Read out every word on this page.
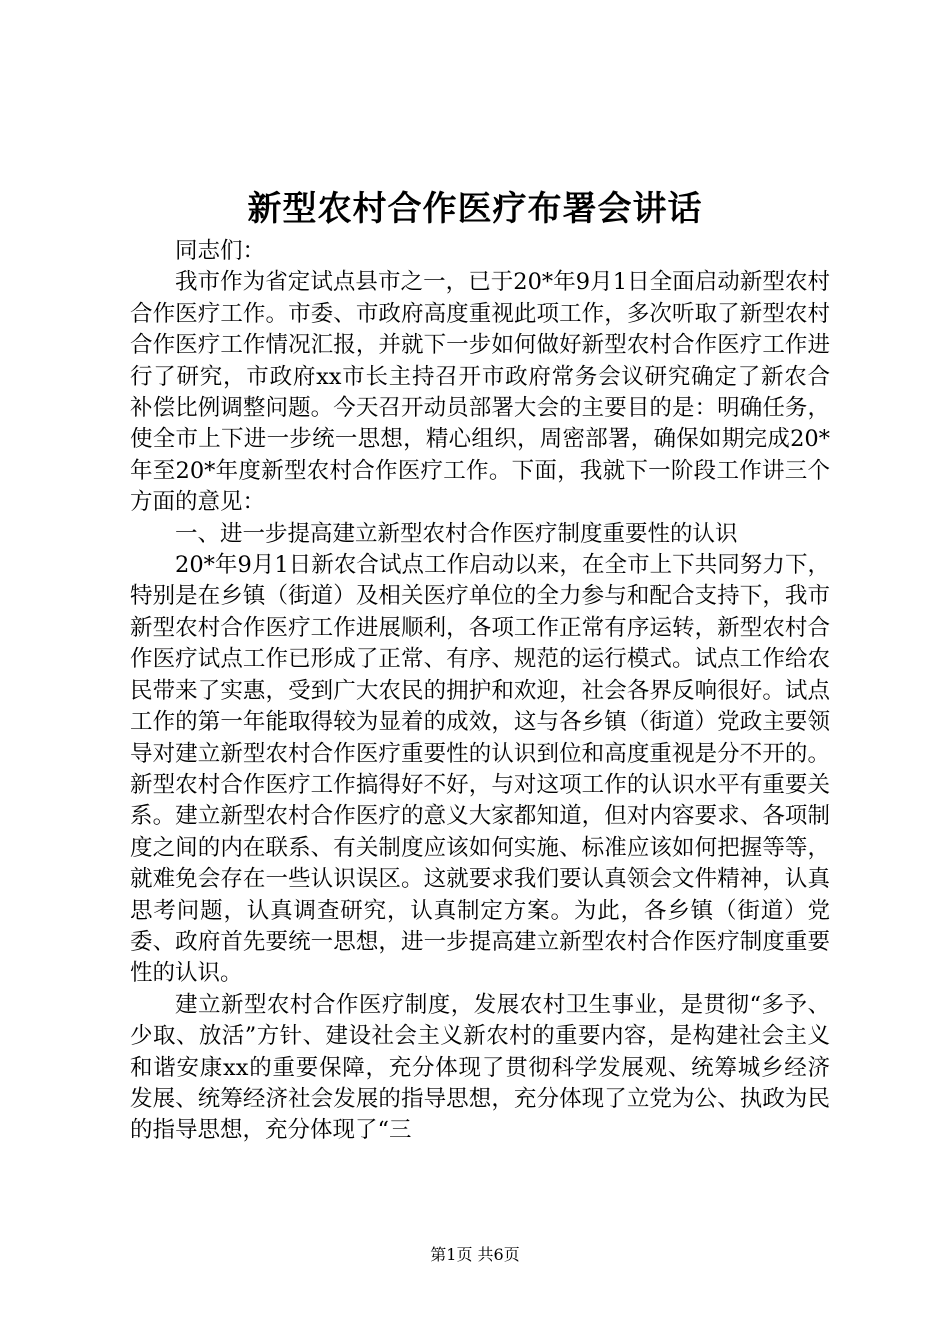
新型农村合作医疗布署会讲话

同志们：

我市作为省定试点县市之一，已于20*年9月1日全面启动新型农村合作医疗工作。市委、市政府高度重视此项工作，多次听取了新型农村合作医疗工作情况汇报，并就下一步如何做好新型农村合作医疗工作进行了研究，市政府xx市长主持召开市政府常务会议研究确定了新农合补偿比例调整问题。今天召开动员部署大会的主要目的是：明确任务，使全市上下进一步统一思想，精心组织，周密部署，确保如期完成20*年至20*年度新型农村合作医疗工作。下面，我就下一阶段工作讲三个方面的意见：

一、进一步提高建立新型农村合作医疗制度重要性的认识

20*年9月1日新农合试点工作启动以来，在全市上下共同努力下，特别是在乡镇（街道）及相关医疗单位的全力参与和配合支持下，我市新型农村合作医疗工作进展顺利，各项工作正常有序运转，新型农村合作医疗试点工作已形成了正常、有序、规范的运行模式。试点工作给农民带来了实惠，受到广大农民的拥护和欢迎，社会各界反响很好。试点工作的第一年能取得较为显着的成效，这与各乡镇（街道）党政主要领导对建立新型农村合作医疗重要性的认识到位和高度重视是分不开的。新型农村合作医疗工作搞得好不好，与对这项工作的认识水平有重要关系。建立新型农村合作医疗的意义大家都知道，但对内容要求、各项制度之间的内在联系、有关制度应该如何实施、标准应该如何把握等等，就难免会存在一些认识误区。这就要求我们要认真领会文件精神，认真思考问题，认真调查研究，认真制定方案。为此，各乡镇（街道）党委、政府首先要统一思想，进一步提高建立新型农村合作医疗制度重要性的认识。

建立新型农村合作医疗制度，发展农村卫生事业，是贯彻“多予、少取、放活”方针、建设社会主义新农村的重要内容，是构建社会主义和谐安康xx的重要保障，充分体现了贯彻科学发展观、统筹城乡经济发展、统筹经济社会发展的指导思想，充分体现了立党为公、执政为民的指导思想，充分体现了“三

第1页 共6页
